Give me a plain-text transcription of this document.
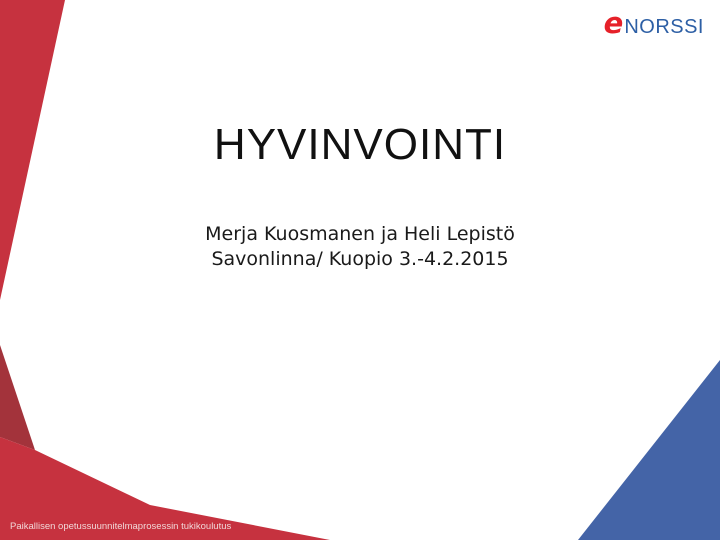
e NORSSI
HYVINVOINTI
Merja Kuosmanen ja Heli Lepistö
Savonlinna/ Kuopio 3.-4.2.2015
Paikallisen opetussuunnitelmaprosessin tukikoulutus
